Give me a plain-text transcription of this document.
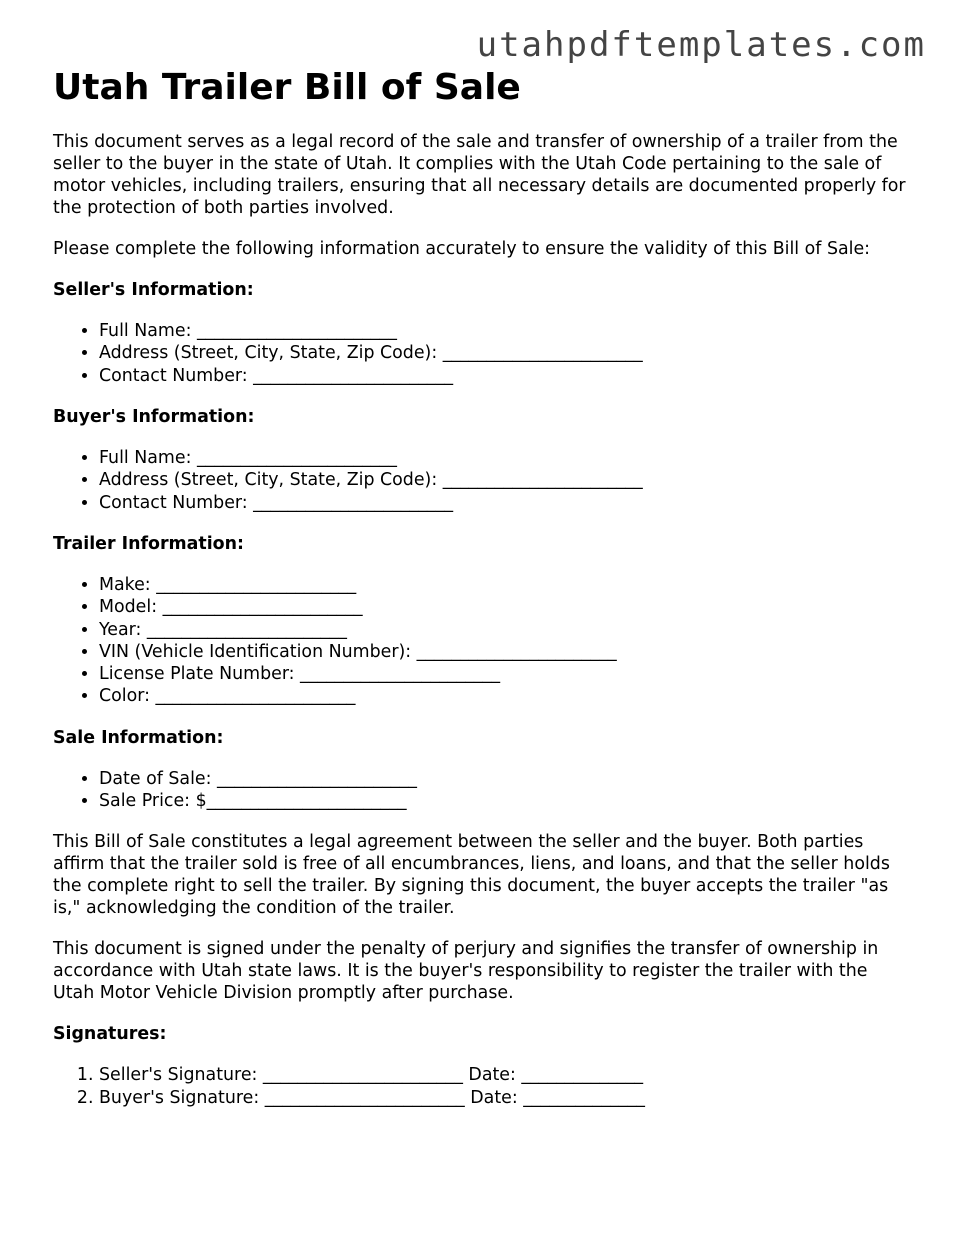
utahpdftemplates.com
Utah Trailer Bill of Sale

This document serves as a legal record of the sale and transfer of ownership of a trailer from the seller to the buyer in the state of Utah. It complies with the Utah Code pertaining to the sale of motor vehicles, including trailers, ensuring that all necessary details are documented properly for the protection of both parties involved.

Please complete the following information accurately to ensure the validity of this Bill of Sale:

Seller's Information:
• Full Name: _______________________
• Address (Street, City, State, Zip Code): _______________________
• Contact Number: _______________________
Buyer's Information:
• Full Name: _______________________
• Address (Street, City, State, Zip Code): _______________________
• Contact Number: _______________________
Trailer Information:
• Make: _______________________
• Model: _______________________
• Year: _______________________
• VIN (Vehicle Identification Number): _______________________
• License Plate Number: _______________________
• Color: _______________________
Sale Information:
• Date of Sale: _______________________
• Sale Price: $_______________________

This Bill of Sale constitutes a legal agreement between the seller and the buyer. Both parties affirm that the trailer sold is free of all encumbrances, liens, and loans, and that the seller holds the complete right to sell the trailer. By signing this document, the buyer accepts the trailer "as is," acknowledging the condition of the trailer.

This document is signed under the penalty of perjury and signifies the transfer of ownership in accordance with Utah state laws. It is the buyer's responsibility to register the trailer with the Utah Motor Vehicle Division promptly after purchase.

Signatures:
1. Seller's Signature: _______________________ Date: ______________
2. Buyer's Signature: _______________________ Date: ______________
